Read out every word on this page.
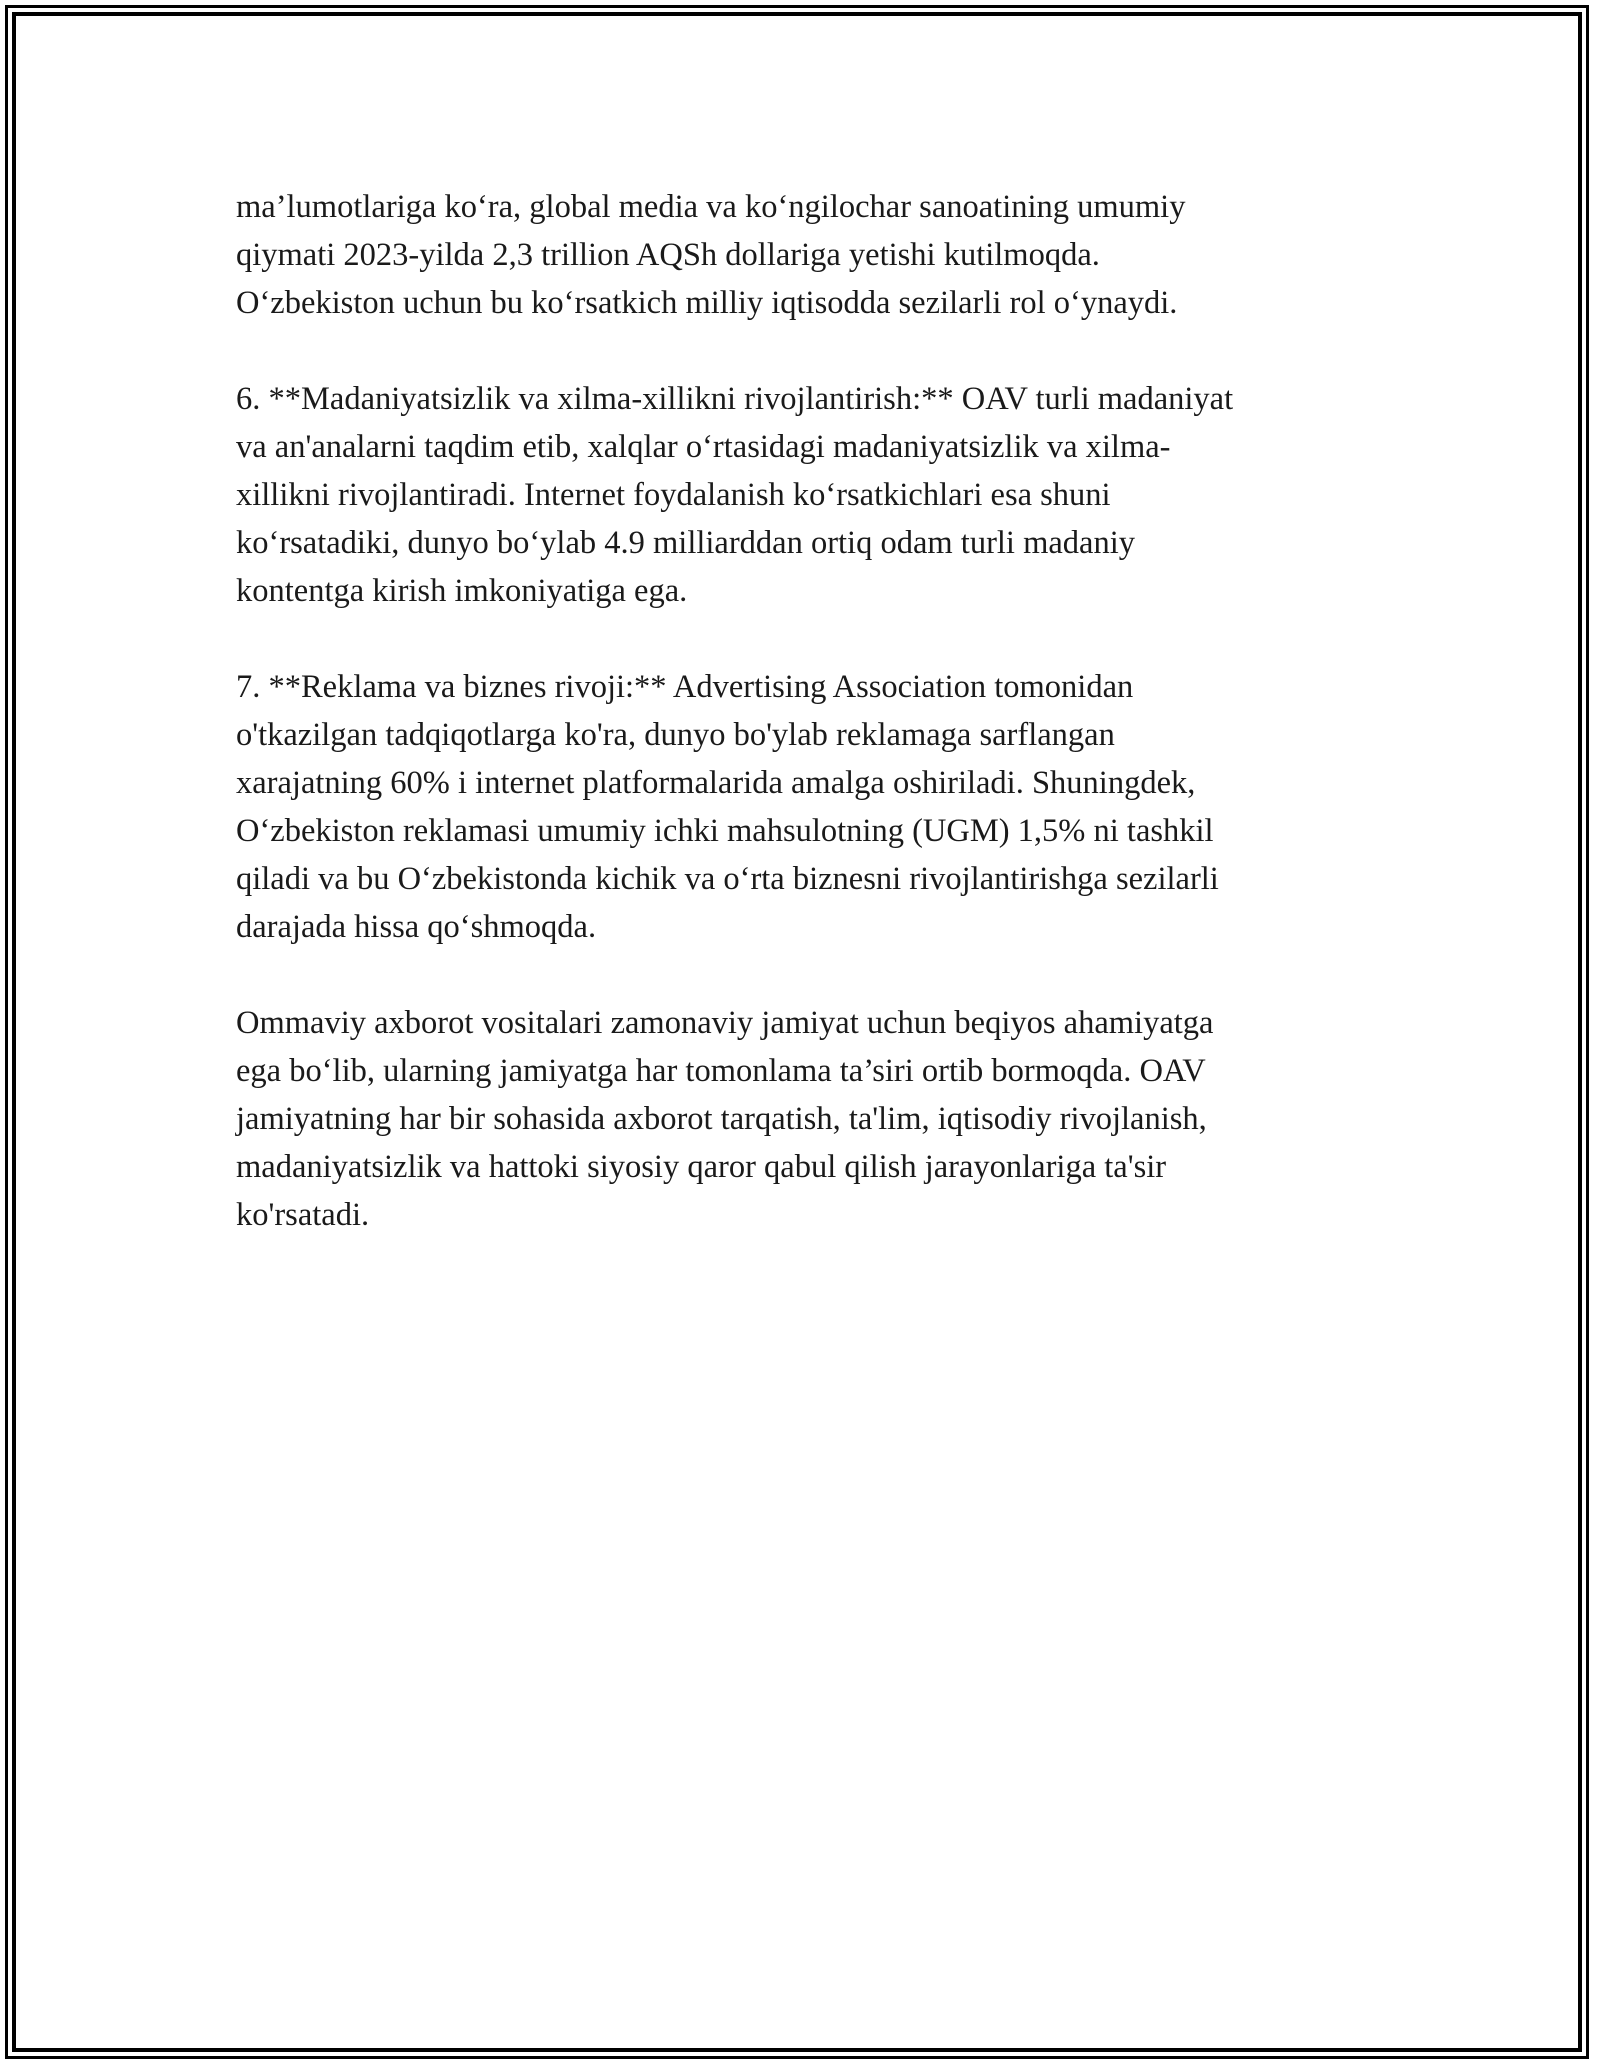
ma’lumotlariga ko‘ra, global media va ko‘ngilochar sanoatining umumiy
qiymati 2023-yilda 2,3 trillion AQSh dollariga yetishi kutilmoqda.
O‘zbekiston uchun bu ko‘rsatkich milliy iqtisodda sezilarli rol o‘ynaydi.

6. **Madaniyatsizlik va xilma-xillikni rivojlantirish:** OAV turli madaniyat
va an'analarni taqdim etib, xalqlar o‘rtasidagi madaniyatsizlik va xilma-
xillikni rivojlantiradi. Internet foydalanish ko‘rsatkichlari esa shuni
ko‘rsatadiki, dunyo bo‘ylab 4.9 milliarddan ortiq odam turli madaniy
kontentga kirish imkoniyatiga ega.

7. **Reklama va biznes rivoji:** Advertising Association tomonidan
o'tkazilgan tadqiqotlarga ko'ra, dunyo bo'ylab reklamaga sarflangan
xarajatning 60% i internet platformalarida amalga oshiriladi. Shuningdek,
O‘zbekiston reklamasi umumiy ichki mahsulotning (UGM) 1,5% ni tashkil
qiladi va bu O‘zbekistonda kichik va o‘rta biznesni rivojlantirishga sezilarli
darajada hissa qo‘shmoqda.

Ommaviy axborot vositalari zamonaviy jamiyat uchun beqiyos ahamiyatga
ega bo‘lib, ularning jamiyatga har tomonlama ta’siri ortib bormoqda. OAV
jamiyatning har bir sohasida axborot tarqatish, ta'lim, iqtisodiy rivojlanish,
madaniyatsizlik va hattoki siyosiy qaror qabul qilish jarayonlariga ta'sir
ko'rsatadi.
